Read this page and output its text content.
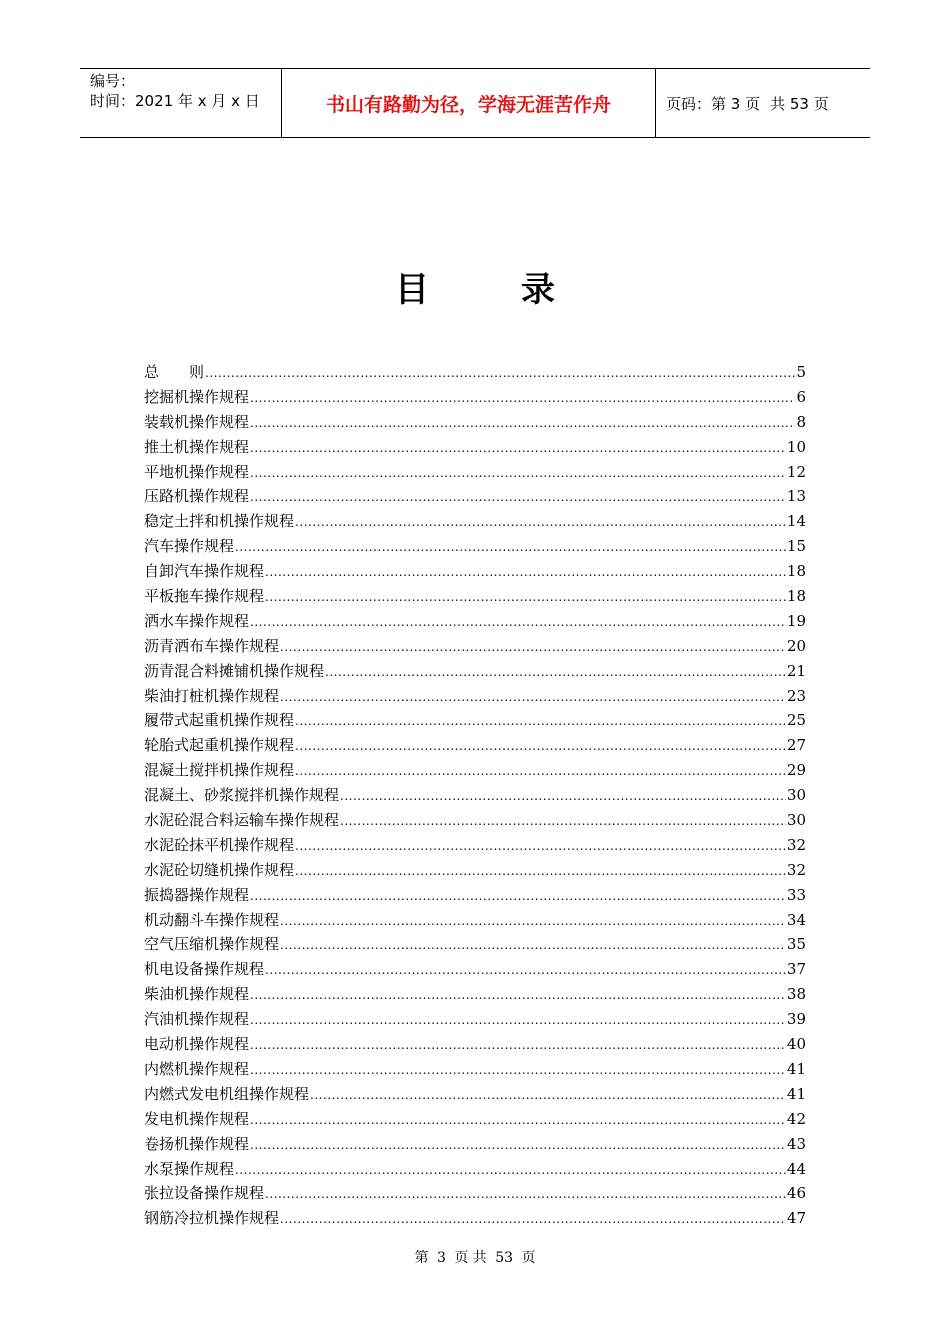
编号：
时间：2021 年 x 月 x 日	书山有路勤为径，学海无涯苦作舟	页码：第 3 页 共 53 页
目	录
总　　则 .....	5
挖掘机操作规程 .....	6
装载机操作规程 .....	8
推土机操作规程 .....	10
平地机操作规程 .....	12
压路机操作规程 .....	13
稳定土拌和机操作规程 .....	14
汽车操作规程 .....	15
自卸汽车操作规程 .....	18
平板拖车操作规程 .....	18
洒水车操作规程 .....	19
沥青洒布车操作规程 .....	20
沥青混合料摊铺机操作规程 .....	21
柴油打桩机操作规程 .....	23
履带式起重机操作规程 .....	25
轮胎式起重机操作规程 .....	27
混凝土搅拌机操作规程 .....	29
混凝土、砂浆搅拌机操作规程 .....	30
水泥砼混合料运输车操作规程 .....	30
水泥砼抹平机操作规程 .....	32
水泥砼切缝机操作规程 .....	32
振捣器操作规程 .....	33
机动翻斗车操作规程 .....	34
空气压缩机操作规程 .....	35
机电设备操作规程 .....	37
柴油机操作规程 .....	38
汽油机操作规程 .....	39
电动机操作规程 .....	40
内燃机操作规程 .....	41
内燃式发电机组操作规程 .....	41
发电机操作规程 .....	42
卷扬机操作规程 .....	43
水泵操作规程 .....	44
张拉设备操作规程 .....	46
钢筋冷拉机操作规程 .....	47
第 3 页 共 53 页
